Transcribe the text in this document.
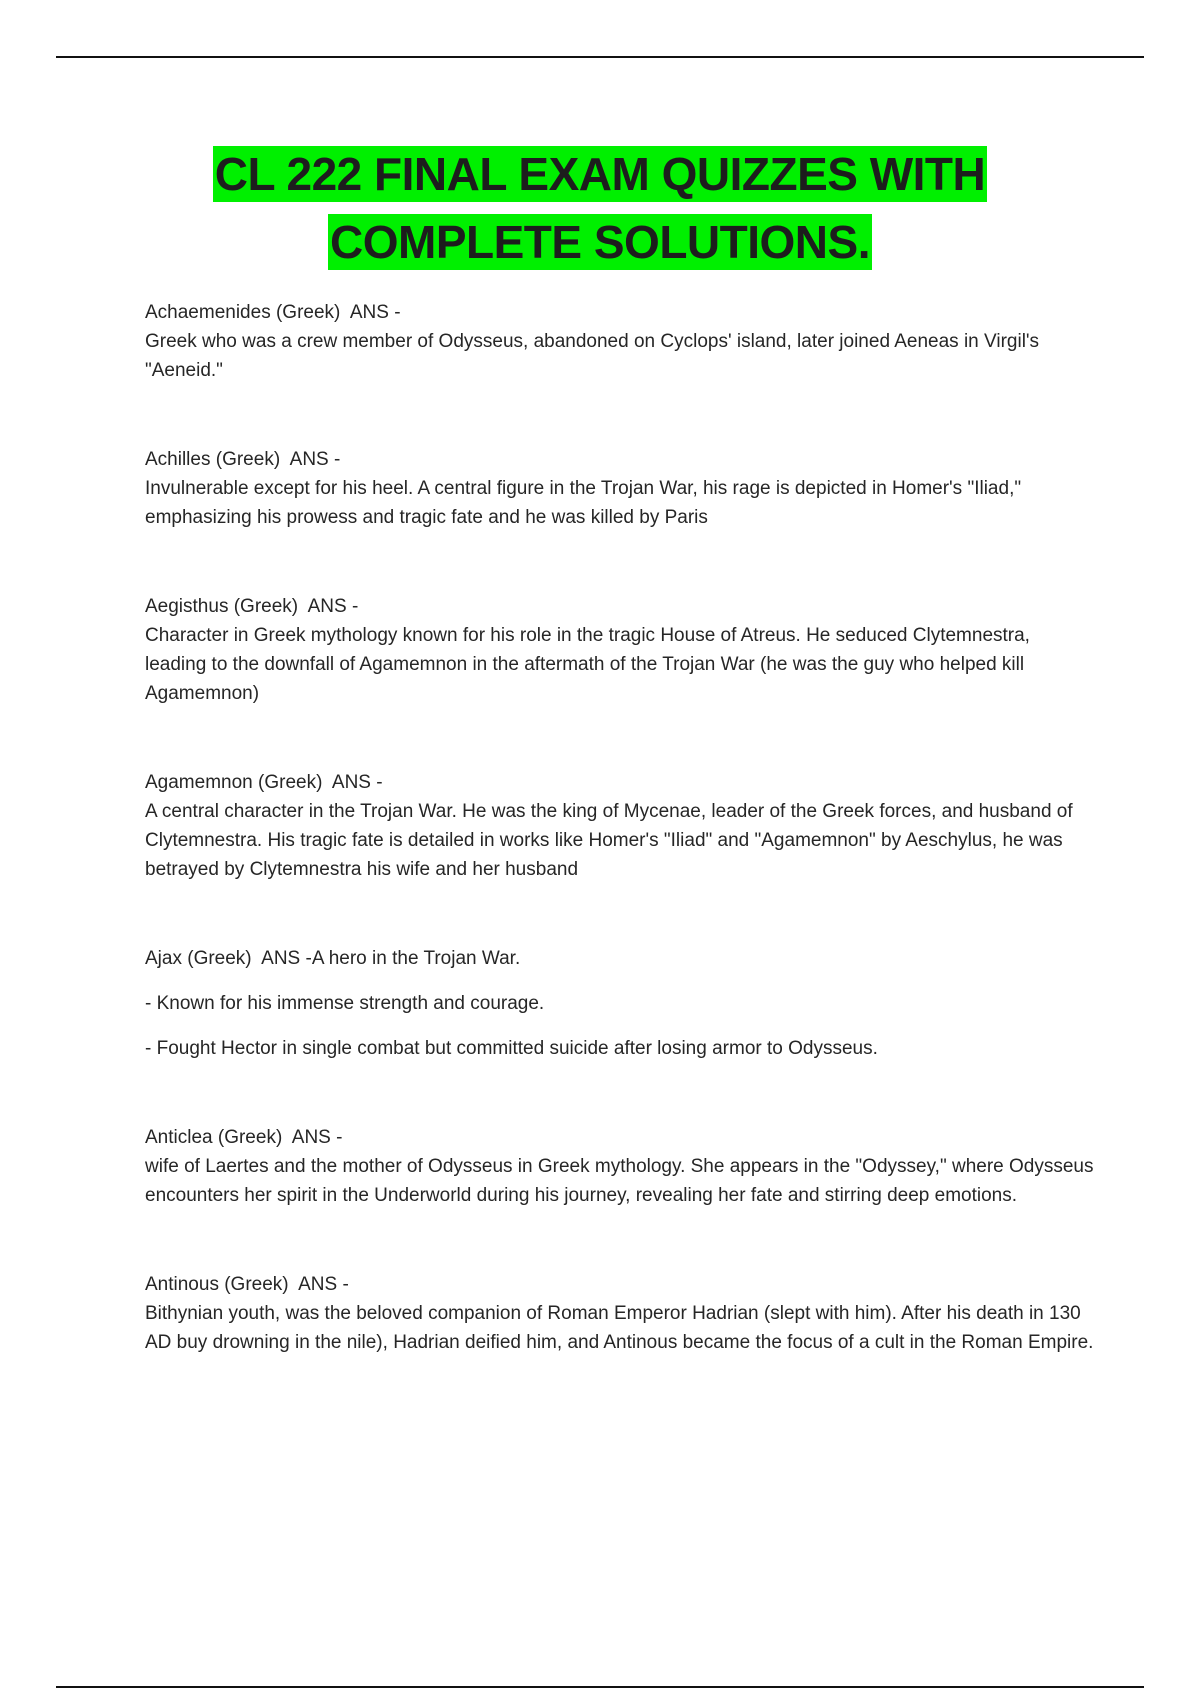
CL 222 FINAL EXAM QUIZZES WITH
COMPLETE SOLUTIONS.

Achaemenides (Greek)  ANS -

Greek who was a crew member of Odysseus, abandoned on Cyclops' island, later joined Aeneas in Virgil's "Aeneid."

Achilles (Greek)  ANS -

Invulnerable except for his heel. A central figure in the Trojan War, his rage is depicted in Homer's "Iliad," emphasizing his prowess and tragic fate and he was killed by Paris

Aegisthus (Greek)  ANS -

Character in Greek mythology known for his role in the tragic House of Atreus. He seduced Clytemnestra, leading to the downfall of Agamemnon in the aftermath of the Trojan War (he was the guy who helped kill Agamemnon)

Agamemnon (Greek)  ANS -

A central character in the Trojan War. He was the king of Mycenae, leader of the Greek forces, and husband of Clytemnestra. His tragic fate is detailed in works like Homer's "Iliad" and "Agamemnon" by Aeschylus, he was betrayed by Clytemnestra his wife and her husband

Ajax (Greek)  ANS -A hero in the Trojan War.

- Known for his immense strength and courage.

- Fought Hector in single combat but committed suicide after losing armor to Odysseus.

Anticlea (Greek)  ANS -

wife of Laertes and the mother of Odysseus in Greek mythology. She appears in the "Odyssey," where Odysseus encounters her spirit in the Underworld during his journey, revealing her fate and stirring deep emotions.

Antinous (Greek)  ANS -

Bithynian youth, was the beloved companion of Roman Emperor Hadrian (slept with him). After his death in 130 AD buy drowning in the nile), Hadrian deified him, and Antinous became the focus of a cult in the Roman Empire.
